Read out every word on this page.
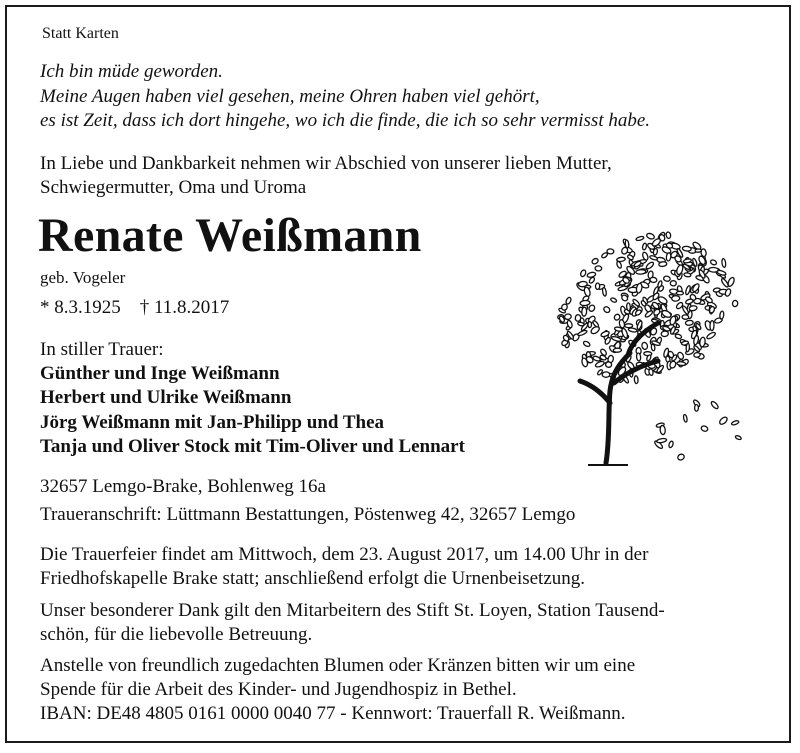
Statt Karten
Ich bin müde geworden.
Meine Augen haben viel gesehen, meine Ohren haben viel gehört,
es ist Zeit, dass ich dort hingehe, wo ich die finde, die ich so sehr vermisst habe.
In Liebe und Dankbarkeit nehmen wir Abschied von unserer lieben Mutter,
Schwiegermutter, Oma und Uroma
Renate Weißmann
geb. Vogeler
* 8.3.1925    † 11.8.2017
In stiller Trauer:
Günther und Inge Weißmann
Herbert und Ulrike Weißmann
Jörg Weißmann mit Jan-Philipp und Thea
Tanja und Oliver Stock mit Tim-Oliver und Lennart
32657 Lemgo-Brake, Bohlenweg 16a
Traueranschrift: Lüttmann Bestattungen, Pöstenweg 42, 32657 Lemgo
Die Trauerfeier findet am Mittwoch, dem 23. August 2017, um 14.00 Uhr in der
Friedhofskapelle Brake statt; anschließend erfolgt die Urnenbeisetzung.
Unser besonderer Dank gilt den Mitarbeitern des Stift St. Loyen, Station Tausend-
schön, für die liebevolle Betreuung.
Anstelle von freundlich zugedachten Blumen oder Kränzen bitten wir um eine
Spende für die Arbeit des Kinder- und Jugendhospiz in Bethel.
IBAN: DE48 4805 0161 0000 0040 77 - Kennwort: Trauerfall R. Weißmann.
